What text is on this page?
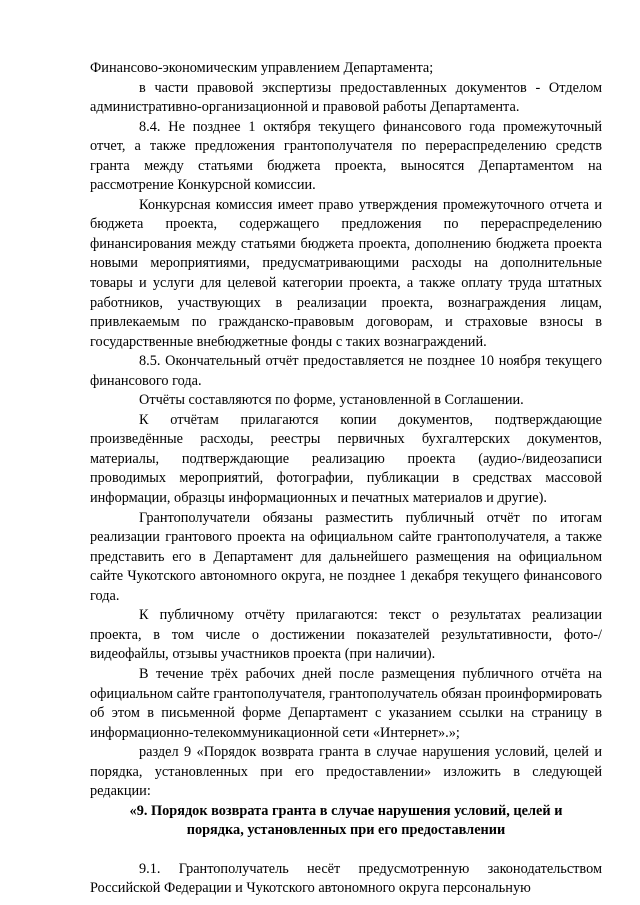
Финансово-экономическим управлением Департамента;

в части правовой экспертизы предоставленных документов - Отделом административно-организационной и правовой работы Департамента.

8.4. Не позднее 1 октября текущего финансового года промежуточный отчет, а также предложения грантополучателя по перераспределению средств гранта между статьями бюджета проекта, выносятся Департаментом на рассмотрение Конкурсной комиссии.

Конкурсная комиссия имеет право утверждения промежуточного отчета и бюджета проекта, содержащего предложения по перераспределению финансирования между статьями бюджета проекта, дополнению бюджета проекта новыми мероприятиями, предусматривающими расходы на дополнительные товары и услуги для целевой категории проекта, а также оплату труда штатных работников, участвующих в реализации проекта, вознаграждения лицам, привлекаемым по гражданско-правовым договорам, и страховые взносы в государственные внебюджетные фонды с таких вознаграждений.

8.5. Окончательный отчёт предоставляется не позднее 10 ноября текущего финансового года.

Отчёты составляются по форме, установленной в Соглашении.

К отчётам прилагаются копии документов, подтверждающие произведённые расходы, реестры первичных бухгалтерских документов, материалы, подтверждающие реализацию проекта (аудио-/видеозаписи проводимых мероприятий, фотографии, публикации в средствах массовой информации, образцы информационных и печатных материалов и другие).

Грантополучатели обязаны разместить публичный отчёт по итогам реализации грантового проекта на официальном сайте грантополучателя, а также представить его в Департамент для дальнейшего размещения на официальном сайте Чукотского автономного округа, не позднее 1 декабря текущего финансового года.

К публичному отчёту прилагаются: текст о результатах реализации проекта, в том числе о достижении показателей результативности, фото-/видеофайлы, отзывы участников проекта (при наличии).

В течение трёх рабочих дней после размещения публичного отчёта на официальном сайте грантополучателя, грантополучатель обязан проинформировать об этом в письменной форме Департамент с указанием ссылки на страницу в информационно-телекоммуникационной сети «Интернет».»;

раздел 9 «Порядок возврата гранта в случае нарушения условий, целей и порядка, установленных при его предоставлении» изложить в следующей редакции:

«9. Порядок возврата гранта в случае нарушения условий, целей и

порядка, установленных при его предоставлении

9.1. Грантополучатель несёт предусмотренную законодательством Российской Федерации и Чукотского автономного округа персональную
